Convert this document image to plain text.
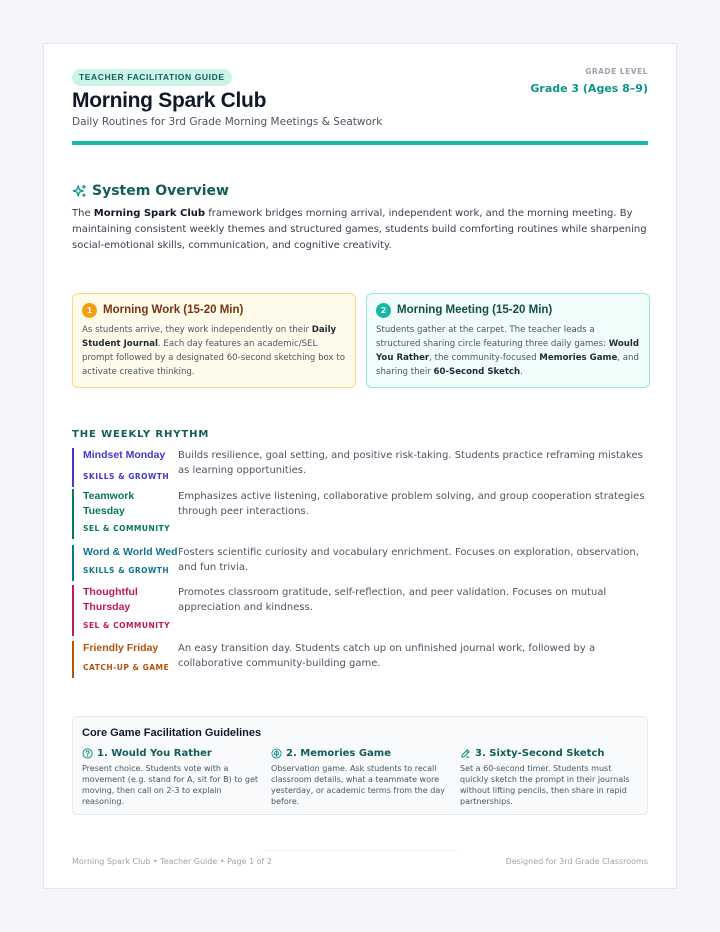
TEACHER FACILITATION GUIDE
Morning Spark Club
Daily Routines for 3rd Grade Morning Meetings & Seatwork
GRADE LEVEL
Grade 3 (Ages 8–9)
System Overview

The Morning Spark Club framework bridges morning arrival, independent work, and the morning meeting. By maintaining consistent weekly themes and structured games, students build comforting routines while sharpening social-emotional skills, communication, and cognitive creativity.

1 Morning Work (15-20 Min)

As students arrive, they work independently on their Daily Student Journal. Each day features an academic/SEL prompt followed by a designated 60-second sketching box to activate creative thinking.

2 Morning Meeting (15-20 Min)

Students gather at the carpet. The teacher leads a structured sharing circle featuring three daily games: Would You Rather, the community-focused Memories Game, and sharing their 60-Second Sketch.

THE WEEKLY RHYTHM
Mindset Monday
SKILLS & GROWTH
Builds resilience, goal setting, and positive risk-taking. Students practice reframing mistakes as learning opportunities.
Teamwork Tuesday
SEL & COMMUNITY
Emphasizes active listening, collaborative problem solving, and group cooperation strategies through peer interactions.
Word & World Wed
SKILLS & GROWTH
Fosters scientific curiosity and vocabulary enrichment. Focuses on exploration, observation, and fun trivia.
Thoughtful Thursday
SEL & COMMUNITY
Promotes classroom gratitude, self-reflection, and peer validation. Focuses on mutual appreciation and kindness.
Friendly Friday
CATCH-UP & GAME
An easy transition day. Students catch up on unfinished journal work, followed by a collaborative community-building game.
Core Game Facilitation Guidelines
1. Would You Rather
Present choice. Students vote with a movement (e.g. stand for A, sit for B) to get moving, then call on 2-3 to explain reasoning.
2. Memories Game
Observation game. Ask students to recall classroom details, what a teammate wore yesterday, or academic terms from the day before.
3. Sixty-Second Sketch
Set a 60-second timer. Students must quickly sketch the prompt in their journals without lifting pencils, then share in rapid partnerships.
Morning Spark Club • Teacher Guide • Page 1 of 2	Designed for 3rd Grade Classrooms
